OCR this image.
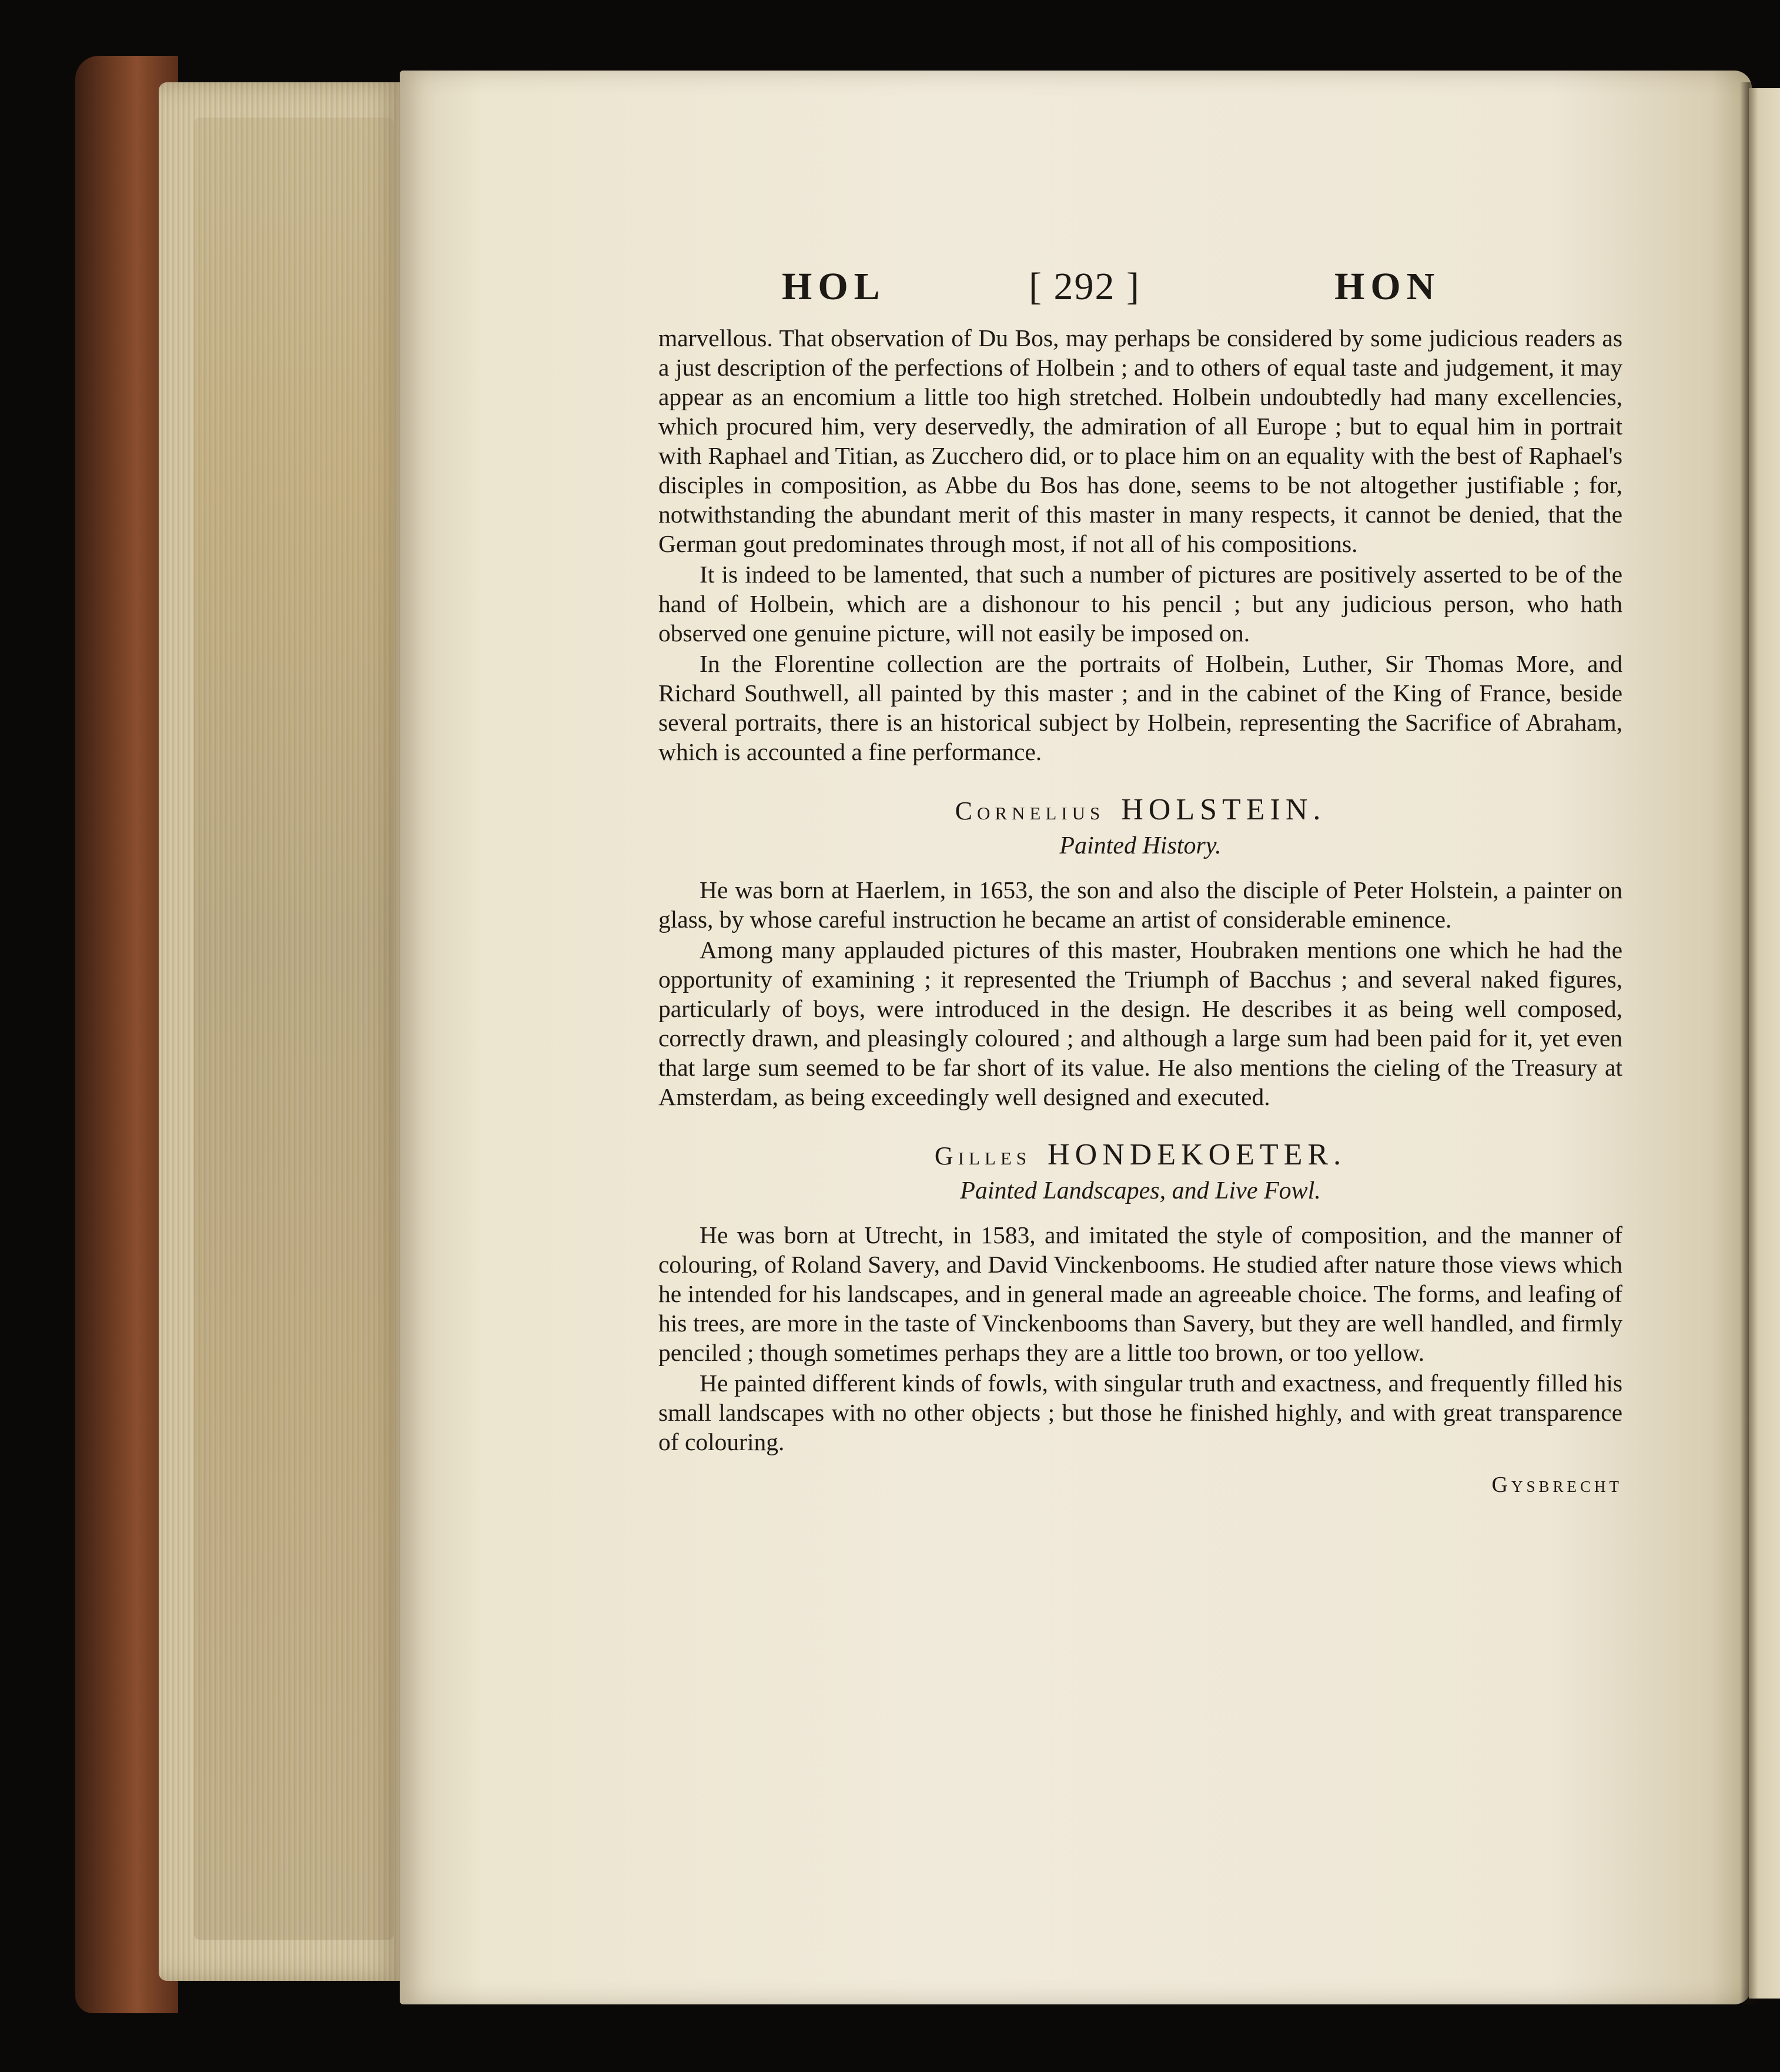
HOL	[ 292 ]	HON

marvellous. That observation of Du Bos, may perhaps be considered by some judicious readers as a just description of the perfections of Holbein ; and to others of equal taste and judgement, it may appear as an encomium a little too high stretched. Holbein undoubtedly had many excellencies, which procured him, very deservedly, the admiration of all Europe ; but to equal him in portrait with Raphael and Titian, as Zucchero did, or to place him on an equality with the best of Raphael's disciples in composition, as Abbe du Bos has done, seems to be not altogether justifiable ; for, notwithstanding the abundant merit of this master in many respects, it cannot be denied, that the German gout predominates through most, if not all of his compositions.

It is indeed to be lamented, that such a number of pictures are positively asserted to be of the hand of Holbein, which are a dishonour to his pencil ; but any judicious person, who hath observed one genuine picture, will not easily be imposed on.

In the Florentine collection are the portraits of Holbein, Luther, Sir Thomas More, and Richard Southwell, all painted by this master ; and in the cabinet of the King of France, beside several portraits, there is an historical subject by Holbein, representing the Sacrifice of Abraham, which is accounted a fine performance.

Cornelius HOLSTEIN.
Painted History.

He was born at Haerlem, in 1653, the son and also the disciple of Peter Holstein, a painter on glass, by whose careful instruction he became an artist of considerable eminence.

Among many applauded pictures of this master, Houbraken mentions one which he had the opportunity of examining ; it represented the Triumph of Bacchus ; and several naked figures, particularly of boys, were introduced in the design. He describes it as being well composed, correctly drawn, and pleasingly coloured ; and although a large sum had been paid for it, yet even that large sum seemed to be far short of its value. He also mentions the cieling of the Treasury at Amsterdam, as being exceedingly well designed and executed.

Gilles HONDEKOETER.
Painted Landscapes, and Live Fowl.

He was born at Utrecht, in 1583, and imitated the style of composition, and the manner of colouring, of Roland Savery, and David Vinckenbooms. He studied after nature those views which he intended for his landscapes, and in general made an agreeable choice. The forms, and leafing of his trees, are more in the taste of Vinckenbooms than Savery, but they are well handled, and firmly penciled ; though sometimes perhaps they are a little too brown, or too yellow.

He painted different kinds of fowls, with singular truth and exactness, and frequently filled his small landscapes with no other objects ; but those he finished highly, and with great transparence of colouring.

Gysbrecht
